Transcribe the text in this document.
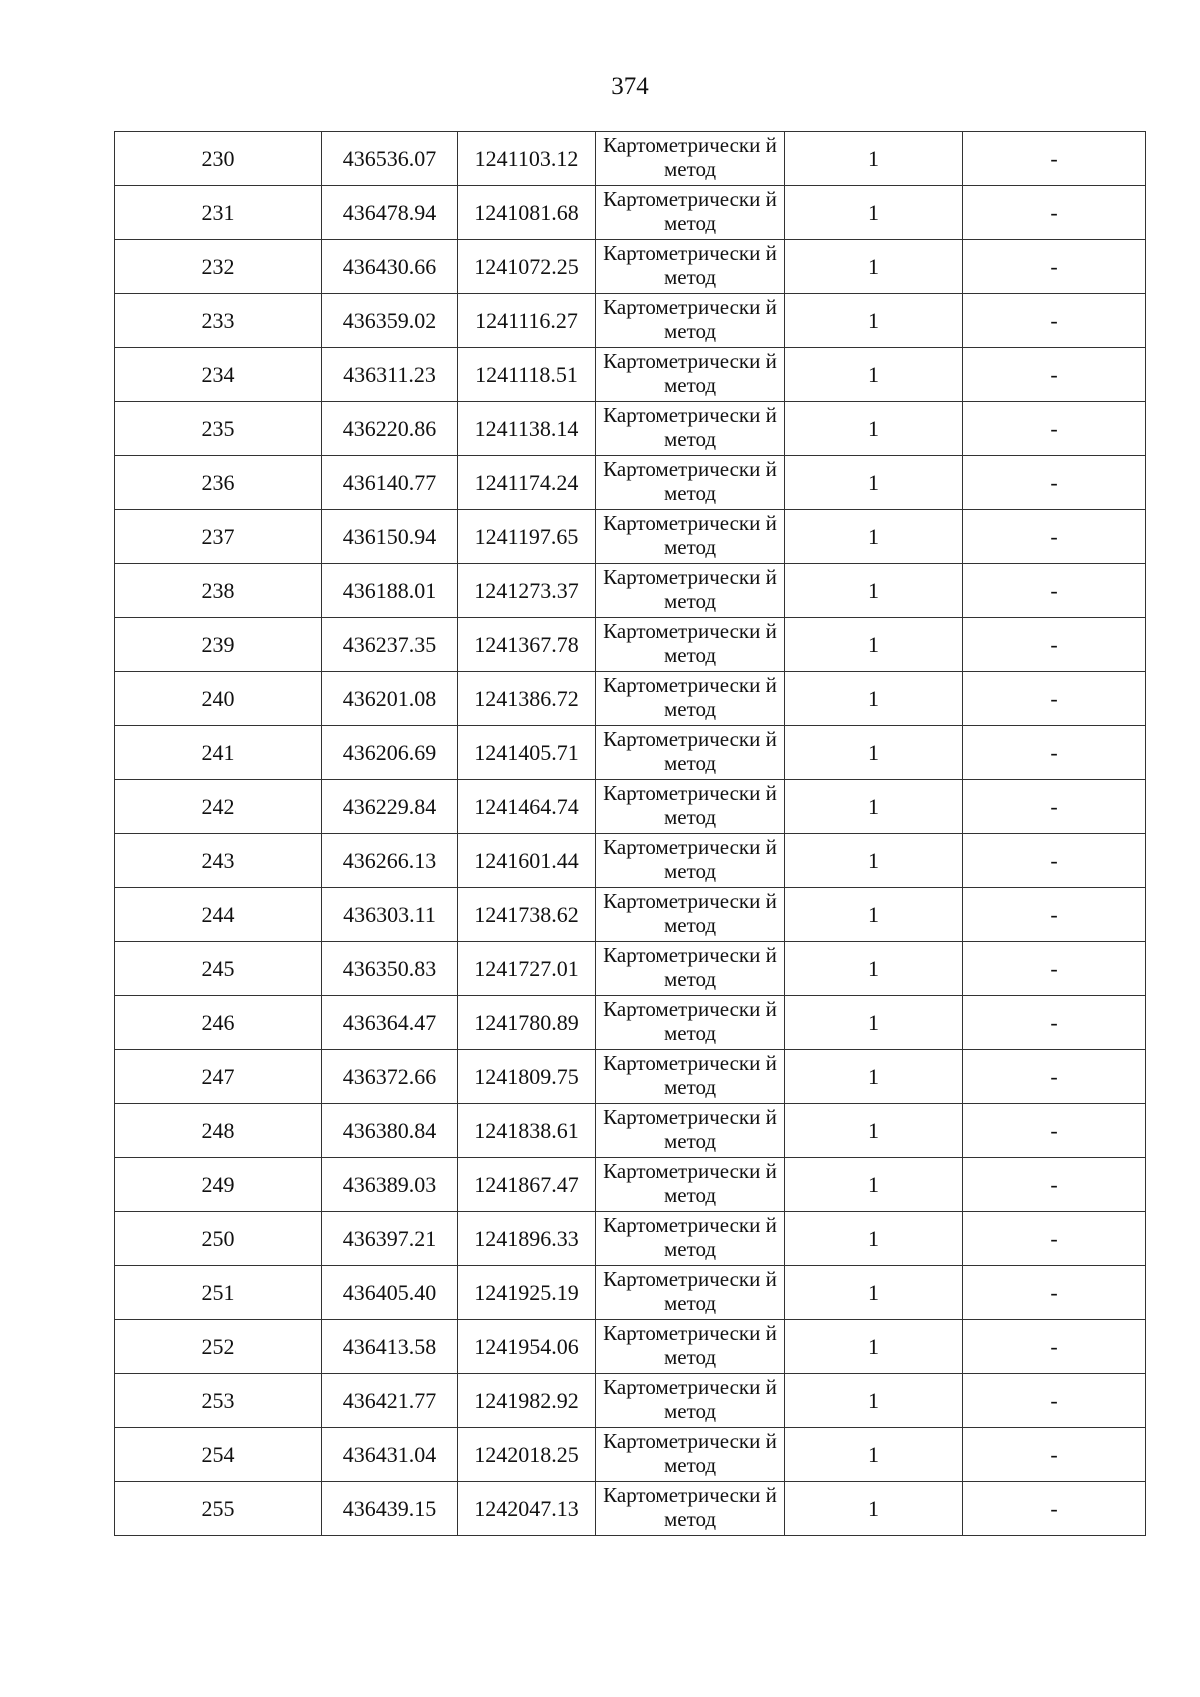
374
230	436536.07	1241103.12	Картометрически й метод	1	-
231	436478.94	1241081.68	Картометрически й метод	1	-
232	436430.66	1241072.25	Картометрически й метод	1	-
233	436359.02	1241116.27	Картометрически й метод	1	-
234	436311.23	1241118.51	Картометрически й метод	1	-
235	436220.86	1241138.14	Картометрически й метод	1	-
236	436140.77	1241174.24	Картометрически й метод	1	-
237	436150.94	1241197.65	Картометрически й метод	1	-
238	436188.01	1241273.37	Картометрически й метод	1	-
239	436237.35	1241367.78	Картометрически й метод	1	-
240	436201.08	1241386.72	Картометрически й метод	1	-
241	436206.69	1241405.71	Картометрически й метод	1	-
242	436229.84	1241464.74	Картометрически й метод	1	-
243	436266.13	1241601.44	Картометрически й метод	1	-
244	436303.11	1241738.62	Картометрически й метод	1	-
245	436350.83	1241727.01	Картометрически й метод	1	-
246	436364.47	1241780.89	Картометрически й метод	1	-
247	436372.66	1241809.75	Картометрически й метод	1	-
248	436380.84	1241838.61	Картометрически й метод	1	-
249	436389.03	1241867.47	Картометрически й метод	1	-
250	436397.21	1241896.33	Картометрически й метод	1	-
251	436405.40	1241925.19	Картометрически й метод	1	-
252	436413.58	1241954.06	Картометрически й метод	1	-
253	436421.77	1241982.92	Картометрически й метод	1	-
254	436431.04	1242018.25	Картометрически й метод	1	-
255	436439.15	1242047.13	Картометрически й метод	1	-
